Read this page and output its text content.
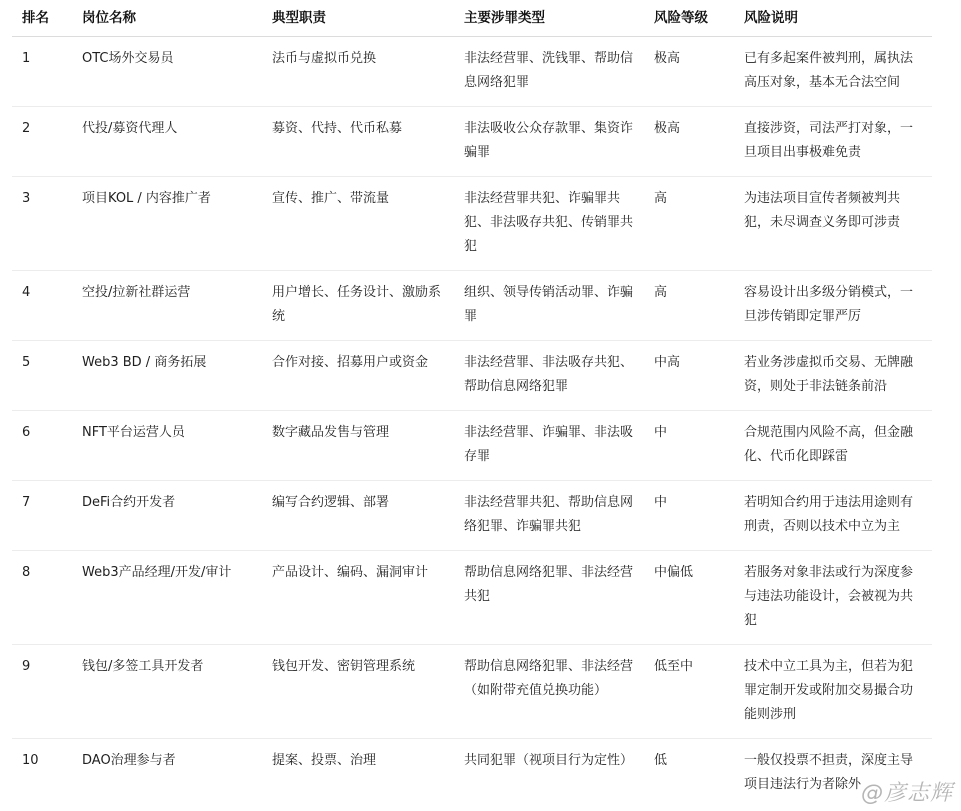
排名	岗位名称	典型职责	主要涉罪类型	风险等级	风险说明
1	OTC场外交易员	法币与虚拟币兑换	非法经营罪、洗钱罪、帮助信息网络犯罪	极高	已有多起案件被判刑，属执法高压对象，基本无合法空间
2	代投/募资代理人	募资、代持、代币私募	非法吸收公众存款罪、集资诈骗罪	极高	直接涉资，司法严打对象，一旦项目出事极难免责
3	项目KOL / 内容推广者	宣传、推广、带流量	非法经营罪共犯、诈骗罪共犯、非法吸存共犯、传销罪共犯	高	为违法项目宣传者频被判共犯，未尽调查义务即可涉责
4	空投/拉新社群运营	用户增长、任务设计、激励系统	组织、领导传销活动罪、诈骗罪	高	容易设计出多级分销模式，一旦涉传销即定罪严厉
5	Web3 BD / 商务拓展	合作对接、招募用户或资金	非法经营罪、非法吸存共犯、帮助信息网络犯罪	中高	若业务涉虚拟币交易、无牌融资，则处于非法链条前沿
6	NFT平台运营人员	数字藏品发售与管理	非法经营罪、诈骗罪、非法吸存罪	中	合规范围内风险不高，但金融化、代币化即踩雷
7	DeFi合约开发者	编写合约逻辑、部署	非法经营罪共犯、帮助信息网络犯罪、诈骗罪共犯	中	若明知合约用于违法用途则有刑责，否则以技术中立为主
8	Web3产品经理/开发/审计	产品设计、编码、漏洞审计	帮助信息网络犯罪、非法经营共犯	中偏低	若服务对象非法或行为深度参与违法功能设计，会被视为共犯
9	钱包/多签工具开发者	钱包开发、密钥管理系统	帮助信息网络犯罪、非法经营（如附带充值兑换功能）	低至中	技术中立工具为主，但若为犯罪定制开发或附加交易撮合功能则涉刑
10	DAO治理参与者	提案、投票、治理	共同犯罪（视项目行为定性）	低	一般仅投票不担责，深度主导项目违法行为者除外 @彦志辉
